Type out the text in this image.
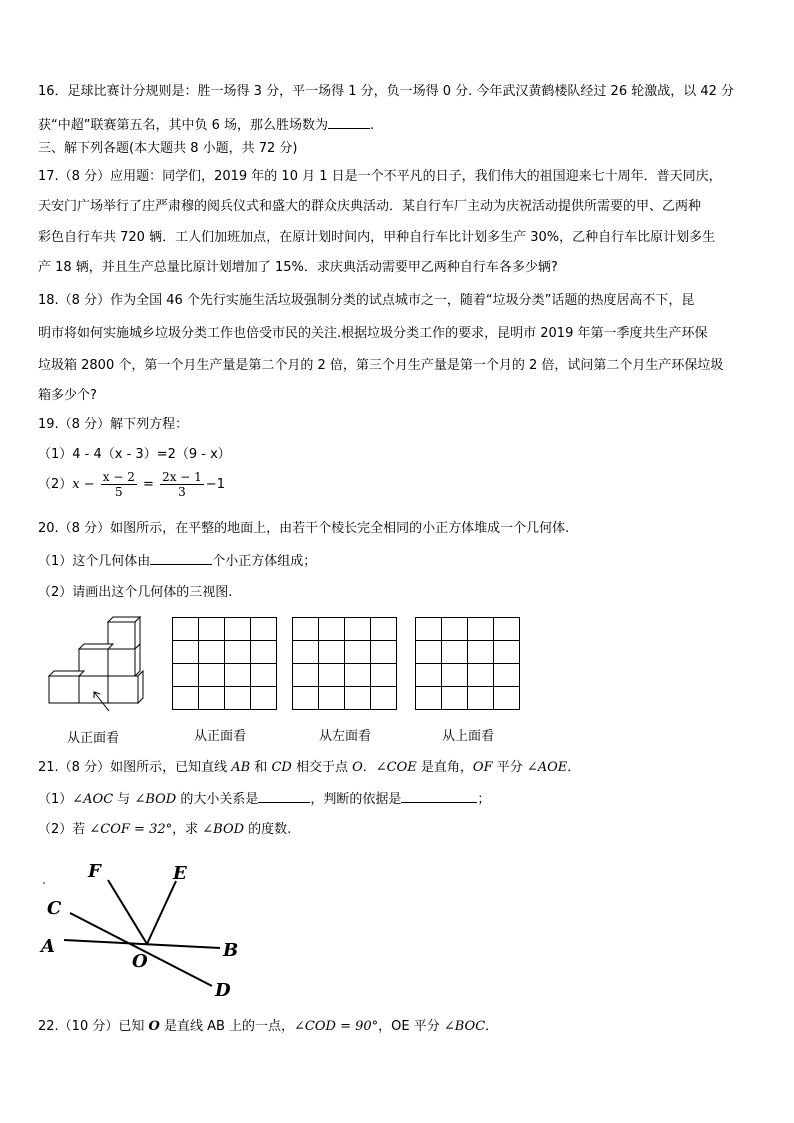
16．足球比赛计分规则是：胜一场得 3 分，平一场得 1 分，负一场得 0 分. 今年武汉黄鹤楼队经过 26 轮激战，以 42 分
获“中超”联赛第五名，其中负 6 场，那么胜场数为	.
三、解下列各题(本大题共 8 小题，共 72 分)
17.（8 分）应用题：同学们，2019 年的 10 月 1 日是一个不平凡的日子，我们伟大的祖国迎来七十周年．普天同庆，
天安门广场举行了庄严肃穆的阅兵仪式和盛大的群众庆典活动．某自行车厂主动为庆祝活动提供所需要的甲、乙两种
彩色自行车共 720 辆．工人们加班加点，在原计划时间内，甲种自行车比计划多生产 30%，乙种自行车比原计划多生
产 18 辆，并且生产总量比原计划增加了 15%．求庆典活动需要甲乙两种自行车各多少辆?
18.（8 分）作为全国 46 个先行实施生活垃圾强制分类的试点城市之一，随着“垃圾分类”话题的热度居高不下，昆
明市将如何实施城乡垃圾分类工作也倍受市民的关注.根据垃圾分类工作的要求，昆明市 2019 年第一季度共生产环保
垃圾箱 2800 个，第一个月生产量是第二个月的 2 倍，第三个月生产量是第一个月的 2 倍，试问第二个月生产环保垃圾
箱多少个?
19.（8 分）解下列方程：
（1）4 - 4（x - 3）=2（9 - x）
$(2)x - \frac{x - 2}{5} = \frac{2x - 1}{3} -1$
20.（8 分）如图所示，在平整的地面上，由若干个棱长完全相同的小正方体堆成一个几何体.
（1）这个几何体由	个小正方体组成；
（2）请画出这个几何体的三视图.

从正面看	从正面看	从左面看	从上面看
21.（8 分）如图所示，已知直线 AB 和 CD 相交于点 O．∠COE 是直角，OF 平分 ∠AOE．
（1）∠AOC 与 ∠BOD 的大小关系是	，判断的依据是	；
（2）若 ∠COF = 32°，求 ∠BOD 的度数.
F	E
C
A
O
B
D
22.（10 分）已知 O 是直线 AB 上的一点，∠COD = 90°，OE 平分 ∠BOC．
